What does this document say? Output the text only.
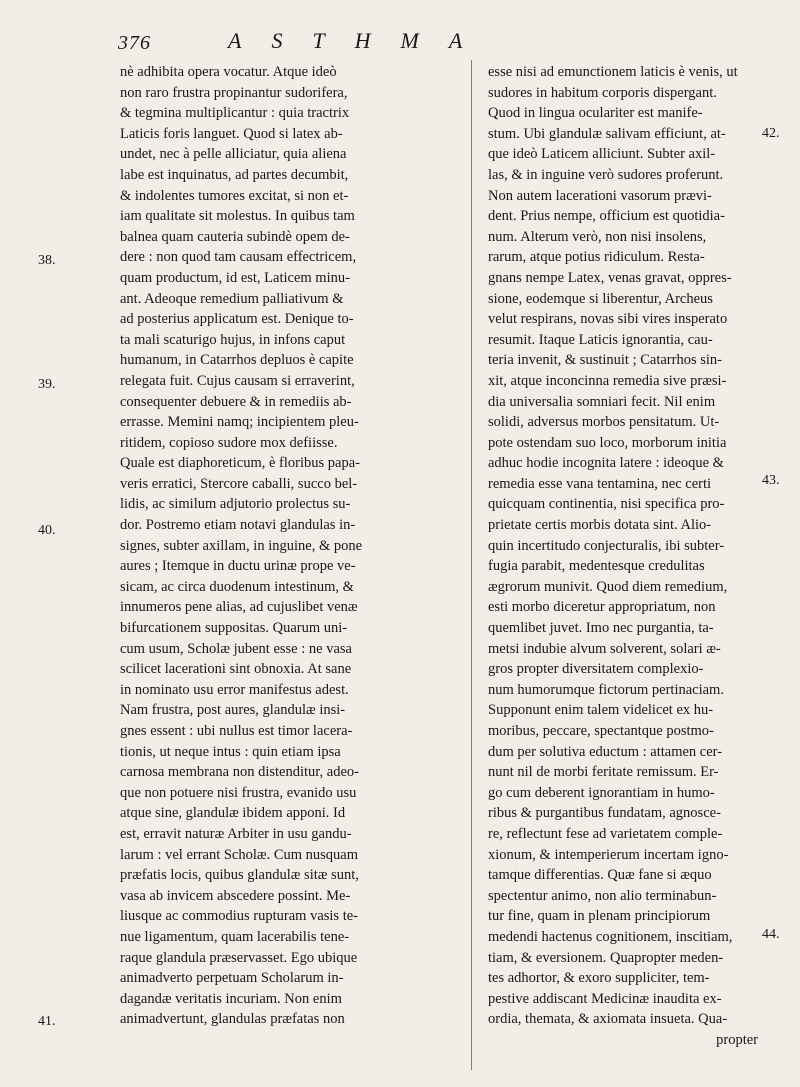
376	ASTHMA
nè adhibita opera vocatur. Atque ideò
non raro frustra propinantur sudorifera,
& tegmina multiplicantur : quia tractrix
Laticis foris languet. Quod si latex ab-
undet, nec à pelle alliciatur, quia aliena
labe est inquinatus, ad partes decumbit,
& indolentes tumores excitat, si non et-
iam qualitate sit molestus. In quibus tam
balnea quam cauteria subindè opem de-
dere : non quod tam causam effectricem,
quam productum, id est, Laticem minu-
ant. Adeoque remedium palliativum &
ad posterius applicatum est. Denique to-
ta mali scaturigo hujus, in infons caput
humanum, in Catarrhos depluos è capite
relegata fuit. Cujus causam si erraverint,
consequenter debuere & in remediis ab-
errasse. Memini namq; incipientem pleu-
ritidem, copioso sudore mox defiisse.
Quale est diaphoreticum, è floribus papa-
veris erratici, Stercore caballi, succo bel-
lidis, ac similum adjutorio prolectus su-
dor. Postremo etiam notavi glandulas in-
signes, subter axillam, in inguine, & pone
aures ; Itemque in ductu urinæ prope ve-
sicam, ac circa duodenum intestinum, &
innumeros pene alias, ad cujuslibet venæ
bifurcationem suppositas. Quarum uni-
cum usum, Scholæ jubent esse : ne vasa
scilicet lacerationi sint obnoxia. At sane
in nominato usu error manifestus adest.
Nam frustra, post aures, glandulæ insi-
gnes essent : ubi nullus est timor lacera-
tionis, ut neque intus : quin etiam ipsa
carnosa membrana non distenditur, adeo-
que non potuere nisi frustra, evanido usu
atque sine, glandulæ ibidem apponi. Id
est, erravit naturæ Arbiter in usu gandu-
larum : vel errant Scholæ. Cum nusquam
præfatis locis, quibus glandulæ sitæ sunt,
vasa ab invicem abscedere possint. Me-
liusque ac commodius rupturam vasis te-
nue ligamentum, quam lacerabilis tene-
raque glandula præservasset. Ego ubique
animadverto perpetuam Scholarum in-
dagandæ veritatis incuriam. Non enim
animadvertunt, glandulas præfatas non
esse nisi ad emunctionem laticis è venis, ut
sudores in habitum corporis dispergant.
Quod in lingua oculariter est manife-
stum. Ubi glandulæ salivam efficiunt, at-
que ideò Laticem alliciunt. Subter axil-
las, & in inguine verò sudores proferunt.
Non autem lacerationi vasorum prævi-
dent. Prius nempe, officium est quotidia-
num. Alterum verò, non nisi insolens,
rarum, atque potius ridiculum. Resta-
gnans nempe Latex, venas gravat, oppres-
sione, eodemque si liberentur, Archeus
velut respirans, novas sibi vires insperato
resumit. Itaque Laticis ignorantia, cau-
teria invenit, & sustinuit ; Catarrhos sin-
xit, atque inconcinna remedia sive præsi-
dia universalia somniari fecit. Nil enim
solidi, adversus morbos pensitatum. Ut-
pote ostendam suo loco, morborum initia
adhuc hodie incognita latere : ideoque &
remedia esse vana tentamina, nec certi
quicquam continentia, nisi specifica pro-
prietate certis morbis dotata sint. Alio-
quin incertitudo conjecturalis, ibi subter-
fugia parabit, medentesque credulitas
ægrorum munivit. Quod diem remedium,
esti morbo diceretur appropriatum, non
quemlibet juvet. Imo nec purgantia, ta-
metsi indubie alvum solverent, solari æ-
gros propter diversitatem complexio-
num humorumque fictorum pertinaciam.
Supponunt enim talem videlicet ex hu-
moribus, peccare, spectantque postmo-
dum per solutiva eductum : attamen cer-
nunt nil de morbi feritate remissum. Er-
go cum deberent ignorantiam in humo-
ribus & purgantibus fundatam, agnosce-
re, reflectunt fese ad varietatem comple-
xionum, & intemperierum incertam igno-
tamque differentias. Quæ fane si æquo
spectentur animo, non alio terminabun-
tur fine, quam in plenam principiorum
medendi hactenus cognitionem, inscitiam,
tiam, & eversionem. Quapropter meden-
tes adhortor, & exoro suppliciter, tem-
pestive addiscant Medicinæ inaudita ex-
ordia, themata, & axiomata insueta. Qua-
propter
38.
39.
40.
41.
42.
43.
44.
